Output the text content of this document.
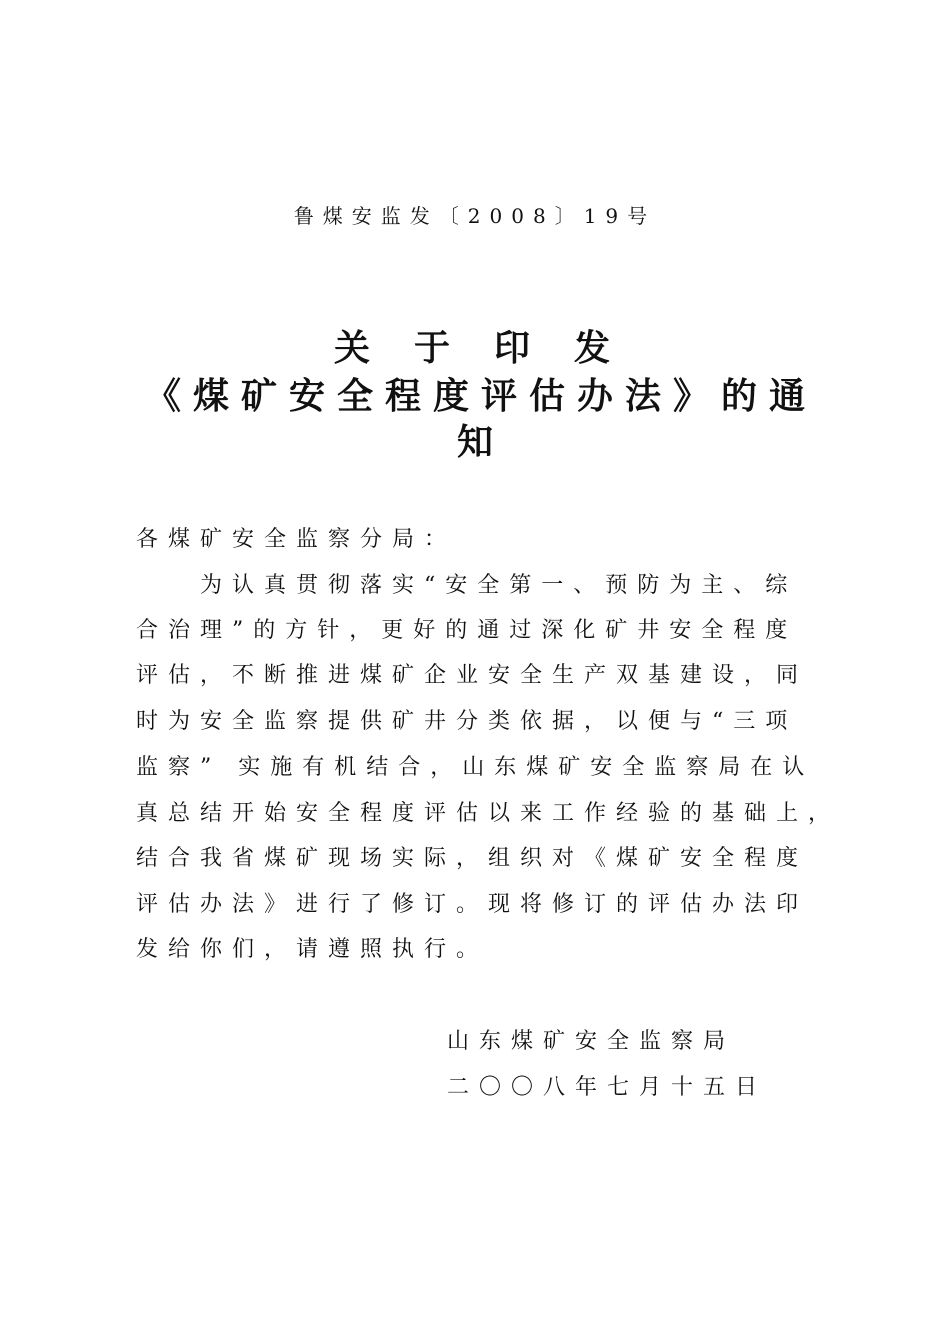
鲁煤安监发〔2008〕19号
关于印发
《煤矿安全程度评估办法》的通
知
各煤矿安全监察分局：
为认真贯彻落实“安全第一、预防为主、综
合治理”的方针，更好的通过深化矿井安全程度
评估，不断推进煤矿企业安全生产双基建设，同
时为安全监察提供矿井分类依据，以便与“三项
监察” 实施有机结合，山东煤矿安全监察局在认
真总结开始安全程度评估以来工作经验的基础上，
结合我省煤矿现场实际，组织对《煤矿安全程度
评估办法》进行了修订。现将修订的评估办法印
发给你们，请遵照执行。
山东煤矿安全监察局
二〇〇八年七月十五日
